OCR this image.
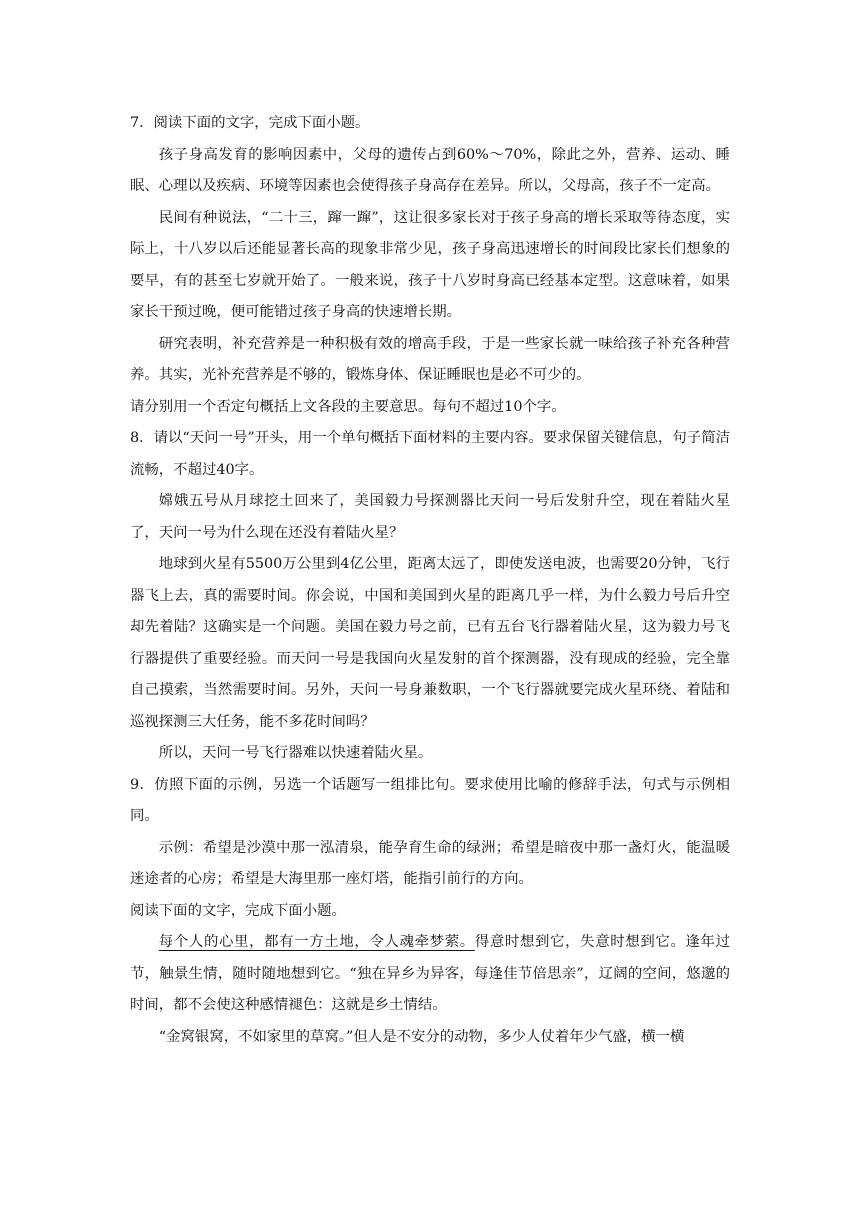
7．阅读下面的文字，完成下面小题。

孩子身高发育的影响因素中，父母的遗传占到60%～70%，除此之外，营养、运动、睡眠、心理以及疾病、环境等因素也会使得孩子身高存在差异。所以，父母高，孩子不一定高。

民间有种说法，“二十三，蹿一蹿”，这让很多家长对于孩子身高的增长采取等待态度，实际上，十八岁以后还能显著长高的现象非常少见，孩子身高迅速增长的时间段比家长们想象的要早，有的甚至七岁就开始了。一般来说，孩子十八岁时身高已经基本定型。这意味着，如果家长干预过晚，便可能错过孩子身高的快速增长期。

研究表明，补充营养是一种积极有效的增高手段，于是一些家长就一味给孩子补充各种营养。其实，光补充营养是不够的，锻炼身体、保证睡眠也是必不可少的。

请分别用一个否定句概括上文各段的主要意思。每句不超过10个字。

8．请以“天问一号”开头，用一个单句概括下面材料的主要内容。要求保留关键信息，句子简洁流畅，不超过40字。

嫦娥五号从月球挖土回来了，美国毅力号探测器比天问一号后发射升空，现在着陆火星了，天问一号为什么现在还没有着陆火星？

地球到火星有5500万公里到4亿公里，距离太远了，即使发送电波，也需要20分钟，飞行器飞上去，真的需要时间。你会说，中国和美国到火星的距离几乎一样，为什么毅力号后升空却先着陆？这确实是一个问题。美国在毅力号之前，已有五台飞行器着陆火星，这为毅力号飞行器提供了重要经验。而天问一号是我国向火星发射的首个探测器，没有现成的经验，完全靠自己摸索，当然需要时间。另外，天问一号身兼数职，一个飞行器就要完成火星环绕、着陆和巡视探测三大任务，能不多花时间吗？

所以，天问一号飞行器难以快速着陆火星。

9．仿照下面的示例，另选一个话题写一组排比句。要求使用比喻的修辞手法，句式与示例相同。

示例：希望是沙漠中那一泓清泉，能孕育生命的绿洲；希望是暗夜中那一盏灯火，能温暖迷途者的心房；希望是大海里那一座灯塔，能指引前行的方向。

阅读下面的文字，完成下面小题。

每个人的心里，都有一方土地，令人魂牵梦萦。得意时想到它，失意时想到它。逢年过节，触景生情，随时随地想到它。“独在异乡为异客，每逢佳节倍思亲”，辽阔的空间，悠邈的时间，都不会使这种感情褪色：这就是乡土情结。

“金窝银窝，不如家里的草窝。”但人是不安分的动物，多少人仗着年少气盛，横一横
